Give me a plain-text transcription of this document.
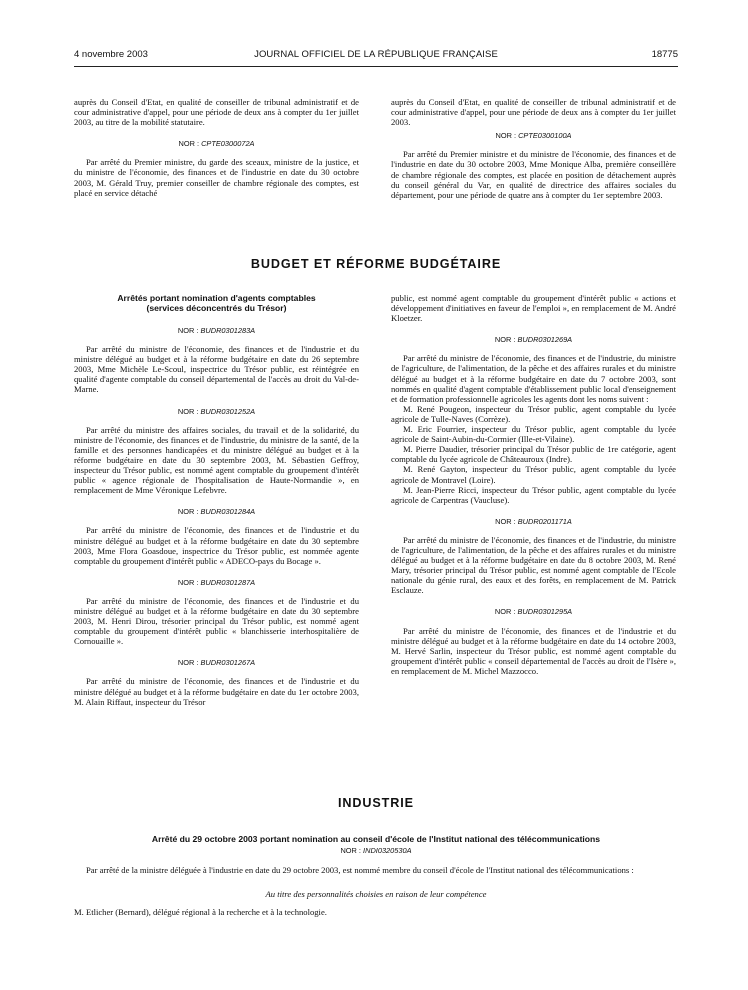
4 novembre 2003	JOURNAL OFFICIEL DE LA RÉPUBLIQUE FRANÇAISE	18775

auprès du Conseil d'Etat, en qualité de conseiller de tribunal administratif et de cour administrative d'appel, pour une période de deux ans à compter du 1er juillet 2003, au titre de la mobilité statutaire.

NOR : CPTE0300072A

Par arrêté du Premier ministre, du garde des sceaux, ministre de la justice, et du ministre de l'économie, des finances et de l'industrie en date du 30 octobre 2003, M. Gérald Truy, premier conseiller de chambre régionale des comptes, est placé en service détaché

auprès du Conseil d'Etat, en qualité de conseiller de tribunal administratif et de cour administrative d'appel, pour une période de deux ans à compter du 1er juillet 2003.

NOR : CPTE0300100A

Par arrêté du Premier ministre et du ministre de l'économie, des finances et de l'industrie en date du 30 octobre 2003, Mme Monique Alba, première conseillère de chambre régionale des comptes, est placée en position de détachement auprès du conseil général du Var, en qualité de directrice des affaires sociales du département, pour une période de quatre ans à compter du 1er septembre 2003.

BUDGET ET RÉFORME BUDGÉTAIRE

Arrêtés portant nomination d'agents comptables

(services déconcentrés du Trésor)

NOR : BUDR0301283A

Par arrêté du ministre de l'économie, des finances et de l'industrie et du ministre délégué au budget et à la réforme budgétaire en date du 26 septembre 2003, Mme Michèle Le-Scoul, inspectrice du Trésor public, est réintégrée en qualité d'agente comptable du conseil départemental de l'accès au droit du Val-de-Marne.

NOR : BUDR0301252A

Par arrêté du ministre des affaires sociales, du travail et de la solidarité, du ministre de l'économie, des finances et de l'industrie, du ministre de la santé, de la famille et des personnes handicapées et du ministre délégué au budget et à la réforme budgétaire en date du 30 septembre 2003, M. Sébastien Geffroy, inspecteur du Trésor public, est nommé agent comptable du groupement d'intérêt public « agence régionale de l'hospitalisation de Haute-Normandie », en remplacement de Mme Véronique Lefebvre.

NOR : BUDR0301284A

Par arrêté du ministre de l'économie, des finances et de l'industrie et du ministre délégué au budget et à la réforme budgétaire en date du 30 septembre 2003, Mme Flora Goasdoue, inspectrice du Trésor public, est nommée agente comptable du groupement d'intérêt public « ADECO-pays du Bocage ».

NOR : BUDR0301287A

Par arrêté du ministre de l'économie, des finances et de l'industrie et du ministre délégué au budget et à la réforme budgétaire en date du 30 septembre 2003, M. Henri Dirou, trésorier principal du Trésor public, est nommé agent comptable du groupement d'intérêt public « blanchisserie interhospitalière de Cornouaille ».

NOR : BUDR0301267A

Par arrêté du ministre de l'économie, des finances et de l'industrie et du ministre délégué au budget et à la réforme budgétaire en date du 1er octobre 2003, M. Alain Riffaut, inspecteur du Trésor

public, est nommé agent comptable du groupement d'intérêt public « actions et développement d'initiatives en faveur de l'emploi », en remplacement de M. André Kloetzer.

NOR : BUDR0301269A

Par arrêté du ministre de l'économie, des finances et de l'industrie, du ministre de l'agriculture, de l'alimentation, de la pêche et des affaires rurales et du ministre délégué au budget et à la réforme budgétaire en date du 7 octobre 2003, sont nommés en qualité d'agent comptable d'établissement public local d'enseignement et de formation professionnelle agricoles les agents dont les noms suivent :

M. René Pougeon, inspecteur du Trésor public, agent comptable du lycée agricole de Tulle-Naves (Corrèze).

M. Eric Fourrier, inspecteur du Trésor public, agent comptable du lycée agricole de Saint-Aubin-du-Cormier (Ille-et-Vilaine).

M. Pierre Daudier, trésorier principal du Trésor public de 1re catégorie, agent comptable du lycée agricole de Châteauroux (Indre).

M. René Gayton, inspecteur du Trésor public, agent comptable du lycée agricole de Montravel (Loire).

M. Jean-Pierre Ricci, inspecteur du Trésor public, agent comptable du lycée agricole de Carpentras (Vaucluse).

NOR : BUDR0201171A

Par arrêté du ministre de l'économie, des finances et de l'industrie, du ministre de l'agriculture, de l'alimentation, de la pêche et des affaires rurales et du ministre délégué au budget et à la réforme budgétaire en date du 8 octobre 2003, M. René Mary, trésorier principal du Trésor public, est nommé agent comptable de l'Ecole nationale du génie rural, des eaux et des forêts, en remplacement de M. Patrick Esclauze.

NOR : BUDR0301295A

Par arrêté du ministre de l'économie, des finances et de l'industrie et du ministre délégué au budget et à la réforme budgétaire en date du 14 octobre 2003, M. Hervé Sarlin, inspecteur du Trésor public, est nommé agent comptable du groupement d'intérêt public « conseil départemental de l'accès au droit de l'Isère », en remplacement de M. Michel Mazzocco.

INDUSTRIE

Arrêté du 29 octobre 2003 portant nomination au conseil d'école de l'Institut national des télécommunications

NOR : INDI0320530A

Par arrêté de la ministre déléguée à l'industrie en date du 29 octobre 2003, est nommé membre du conseil d'école de l'Institut national des télécommunications :

Au titre des personnalités choisies en raison de leur compétence

M. Etlicher (Bernard), délégué régional à la recherche et à la technologie.
